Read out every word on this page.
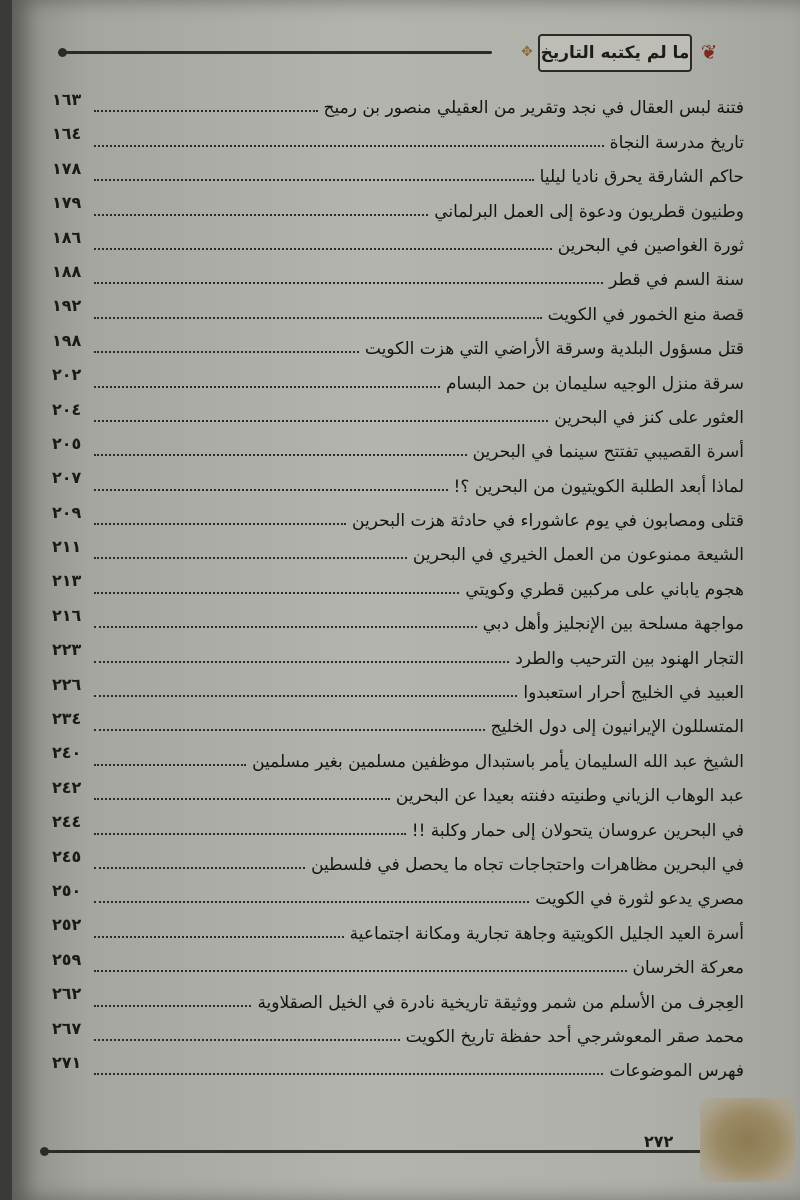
ما لم يكتبه التاريخ ❦
✥
فتنة لبس العقال في نجد وتقرير من العقيلي منصور بن رميح
١٦٣
تاريخ مدرسة النجاة
١٦٤
حاكم الشارقة يحرق ناديا ليليا
١٧٨
وطنيون قطريون ودعوة إلى العمل البرلماني
١٧٩
ثورة الغواصين في البحرين
١٨٦
سنة السم في قطر
١٨٨
قصة منع الخمور في الكويت
١٩٢
قتل مسؤول البلدية وسرقة الأراضي التي هزت الكويت
١٩٨
سرقة منزل الوجيه سليمان بن حمد البسام
٢٠٢
العثور على كنز في البحرين
٢٠٤
أسرة القصيبي تفتتح سينما في البحرين
٢٠٥
لماذا أبعد الطلبة الكويتيون من البحرين ؟!
٢٠٧
قتلى ومصابون في يوم عاشوراء في حادثة هزت البحرين
٢٠٩
الشيعة ممنوعون من العمل الخيري في البحرين
٢١١
هجوم ياباني على مركبين قطري وكويتي
٢١٣
مواجهة مسلحة بين الإنجليز وأهل دبي
٢١٦
التجار الهنود بين الترحيب والطرد
٢٢٣
العبيد في الخليج أحرار استعبدوا
٢٢٦
المتسللون الإيرانيون إلى دول الخليج
٢٣٤
الشيخ عبد الله السليمان يأمر باستبدال موظفين مسلمين بغير مسلمين
٢٤٠
عبد الوهاب الزياني وطنيته دفنته بعيدا عن البحرين
٢٤٢
في البحرين عروسان يتحولان إلى حمار وكلبة !!
٢٤٤
في البحرين مظاهرات واحتجاجات تجاه ما يحصل في فلسطين
٢٤٥
مصري يدعو لثورة في الكويت
٢٥٠
أسرة العيد الجليل الكويتية وجاهة تجارية ومكانة اجتماعية
٢٥٢
معركة الخرسان
٢٥٩
العِجرف من الأسلم من شمر ووثيقة تاريخية نادرة في الخيل الصقلاوية
٢٦٢
محمد صقر المعوشرجي أحد حفظة تاريخ الكويت
٢٦٧
فهرس الموضوعات
٢٧١
٢٧٢
